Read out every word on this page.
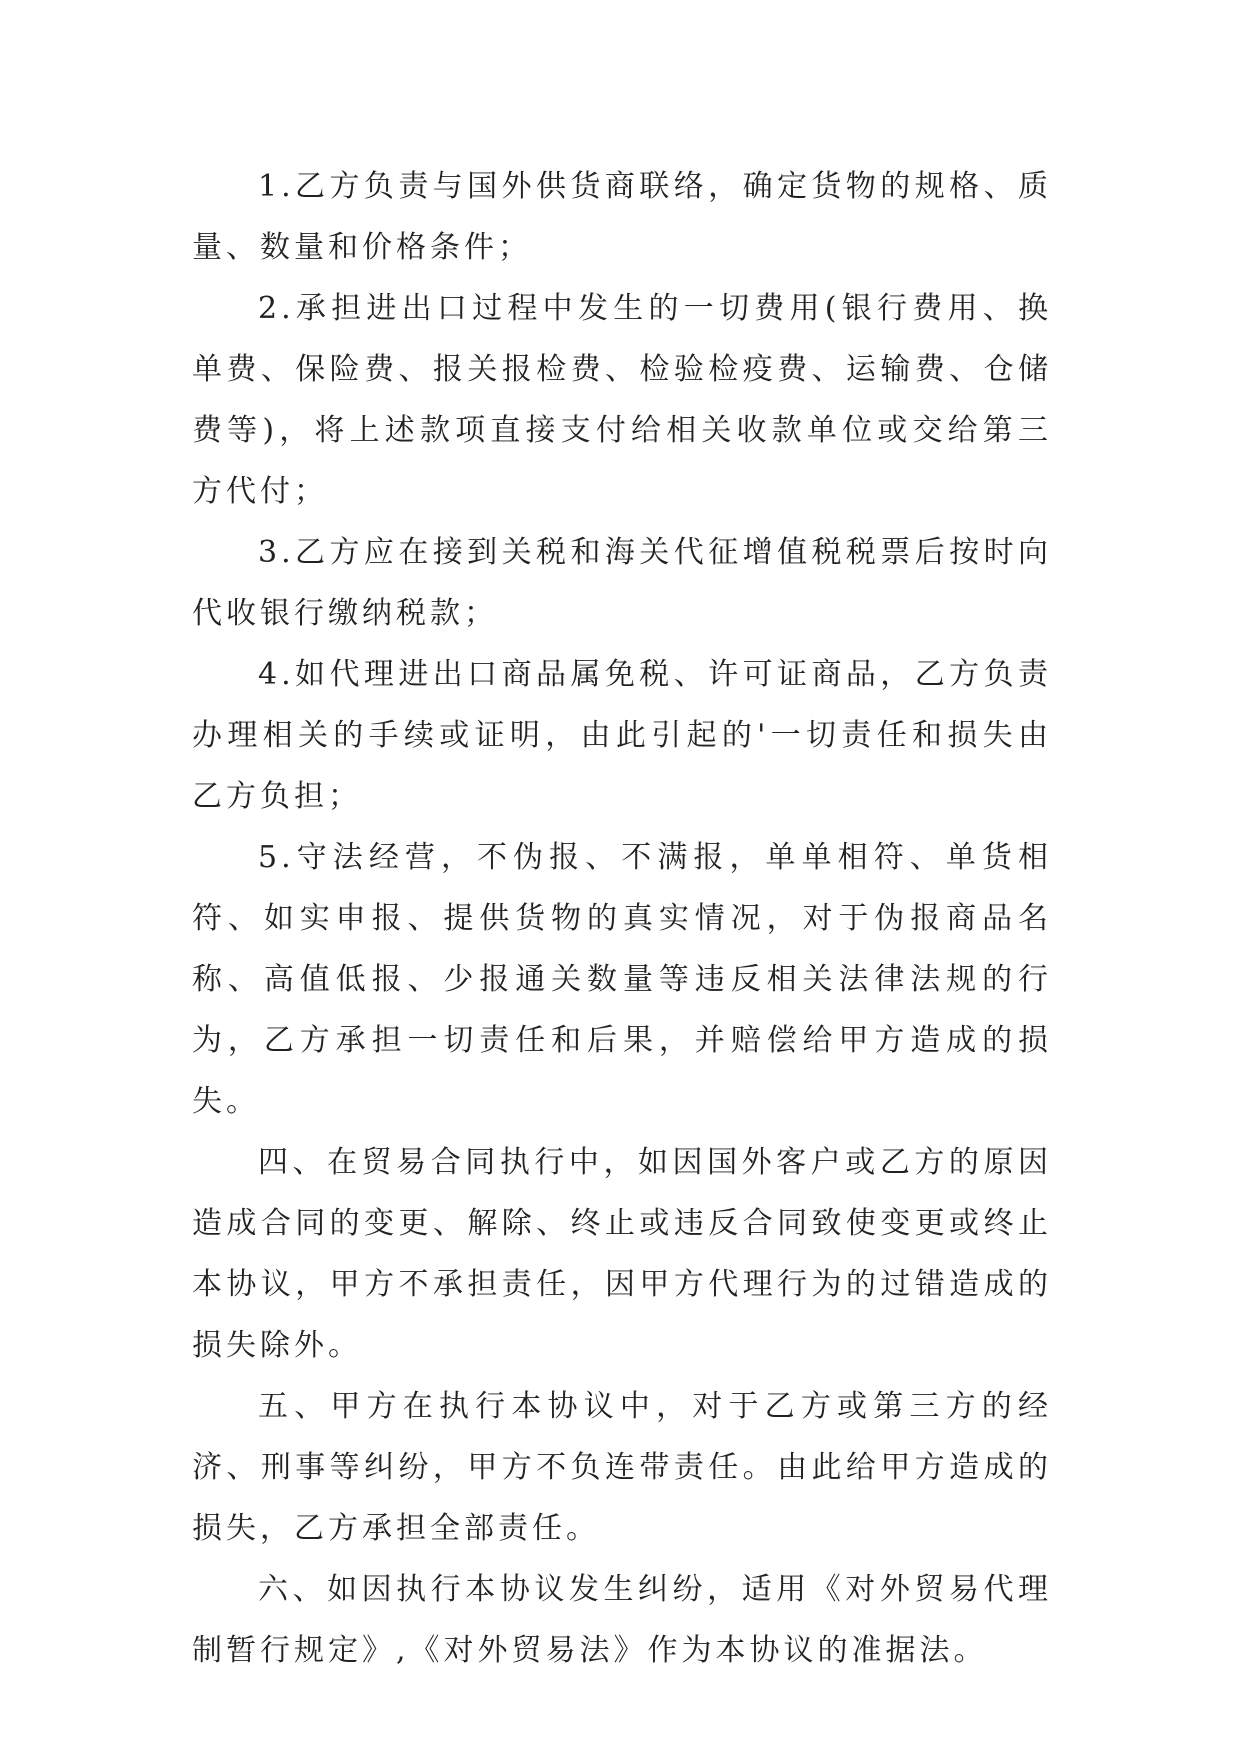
1.乙方负责与国外供货商联络，确定货物的规格、质量、数量和价格条件；

2.承担进出口过程中发生的一切费用(银行费用、换单费、保险费、报关报检费、检验检疫费、运输费、仓储费等)，将上述款项直接支付给相关收款单位或交给第三方代付；

3.乙方应在接到关税和海关代征增值税税票后按时向代收银行缴纳税款；

4.如代理进出口商品属免税、许可证商品，乙方负责办理相关的手续或证明，由此引起的'一切责任和损失由乙方负担；

5.守法经营，不伪报、不满报，单单相符、单货相符、如实申报、提供货物的真实情况，对于伪报商品名称、高值低报、少报通关数量等违反相关法律法规的行为，乙方承担一切责任和后果，并赔偿给甲方造成的损失。

四、在贸易合同执行中，如因国外客户或乙方的原因造成合同的变更、解除、终止或违反合同致使变更或终止本协议，甲方不承担责任，因甲方代理行为的过错造成的损失除外。

五、甲方在执行本协议中，对于乙方或第三方的经济、刑事等纠纷，甲方不负连带责任。由此给甲方造成的损失，乙方承担全部责任。

六、如因执行本协议发生纠纷，适用《对外贸易代理制暂行规定》,《对外贸易法》作为本协议的准据法。
